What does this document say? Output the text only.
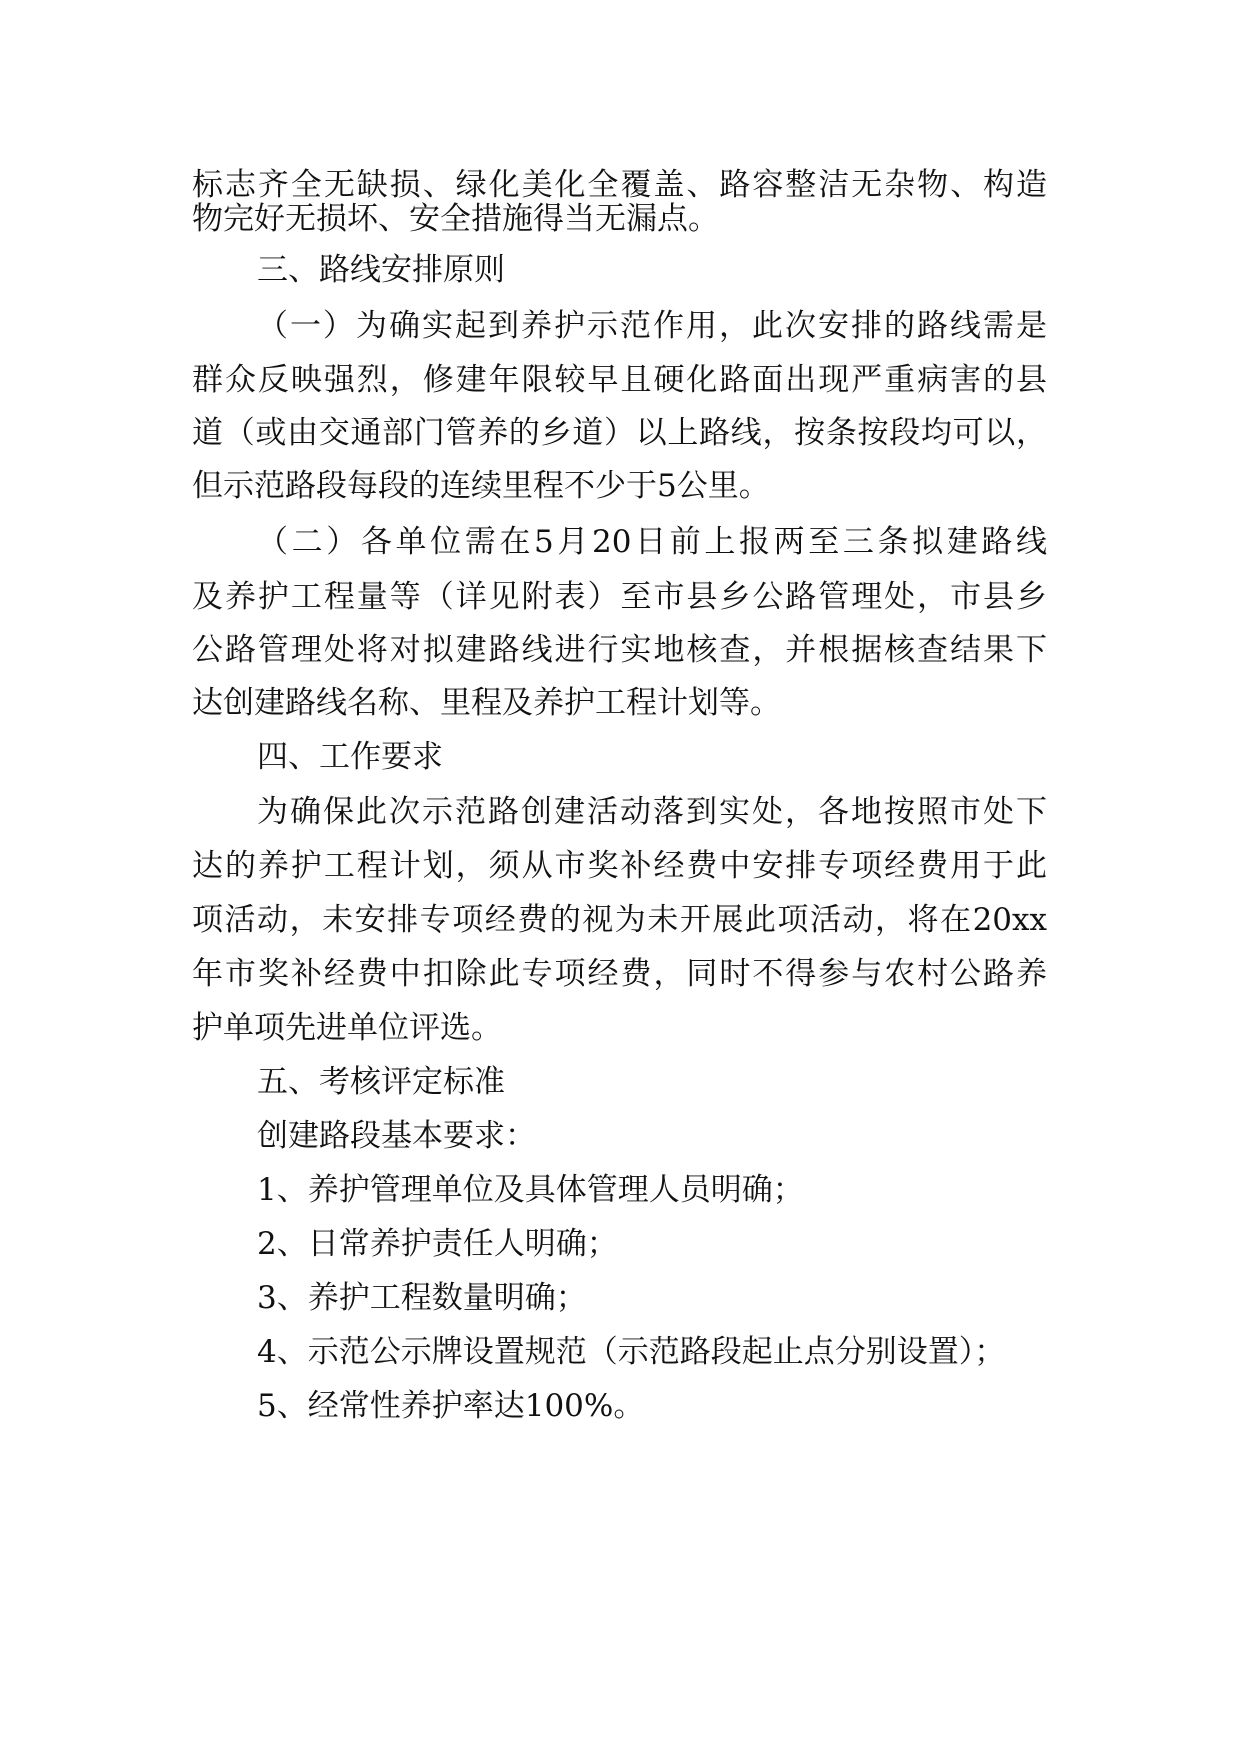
标志齐全无缺损、绿化美化全覆盖、路容整洁无杂物、构造

物完好无损坏、安全措施得当无漏点。

三、路线安排原则

（一）为确实起到养护示范作用，此次安排的路线需是

群众反映强烈，修建年限较早且硬化路面出现严重病害的县

道（或由交通部门管养的乡道）以上路线，按条按段均可以，

但示范路段每段的连续里程不少于5公里。

（二）各单位需在5月20日前上报两至三条拟建路线

及养护工程量等（详见附表）至市县乡公路管理处，市县乡

公路管理处将对拟建路线进行实地核查，并根据核查结果下

达创建路线名称、里程及养护工程计划等。

四、工作要求

为确保此次示范路创建活动落到实处，各地按照市处下

达的养护工程计划，须从市奖补经费中安排专项经费用于此

项活动，未安排专项经费的视为未开展此项活动，将在20xx

年市奖补经费中扣除此专项经费，同时不得参与农村公路养

护单项先进单位评选。

五、考核评定标准

创建路段基本要求：

1、养护管理单位及具体管理人员明确；

2、日常养护责任人明确；

3、养护工程数量明确；

4、示范公示牌设置规范（示范路段起止点分别设置）；

5、经常性养护率达100%。
